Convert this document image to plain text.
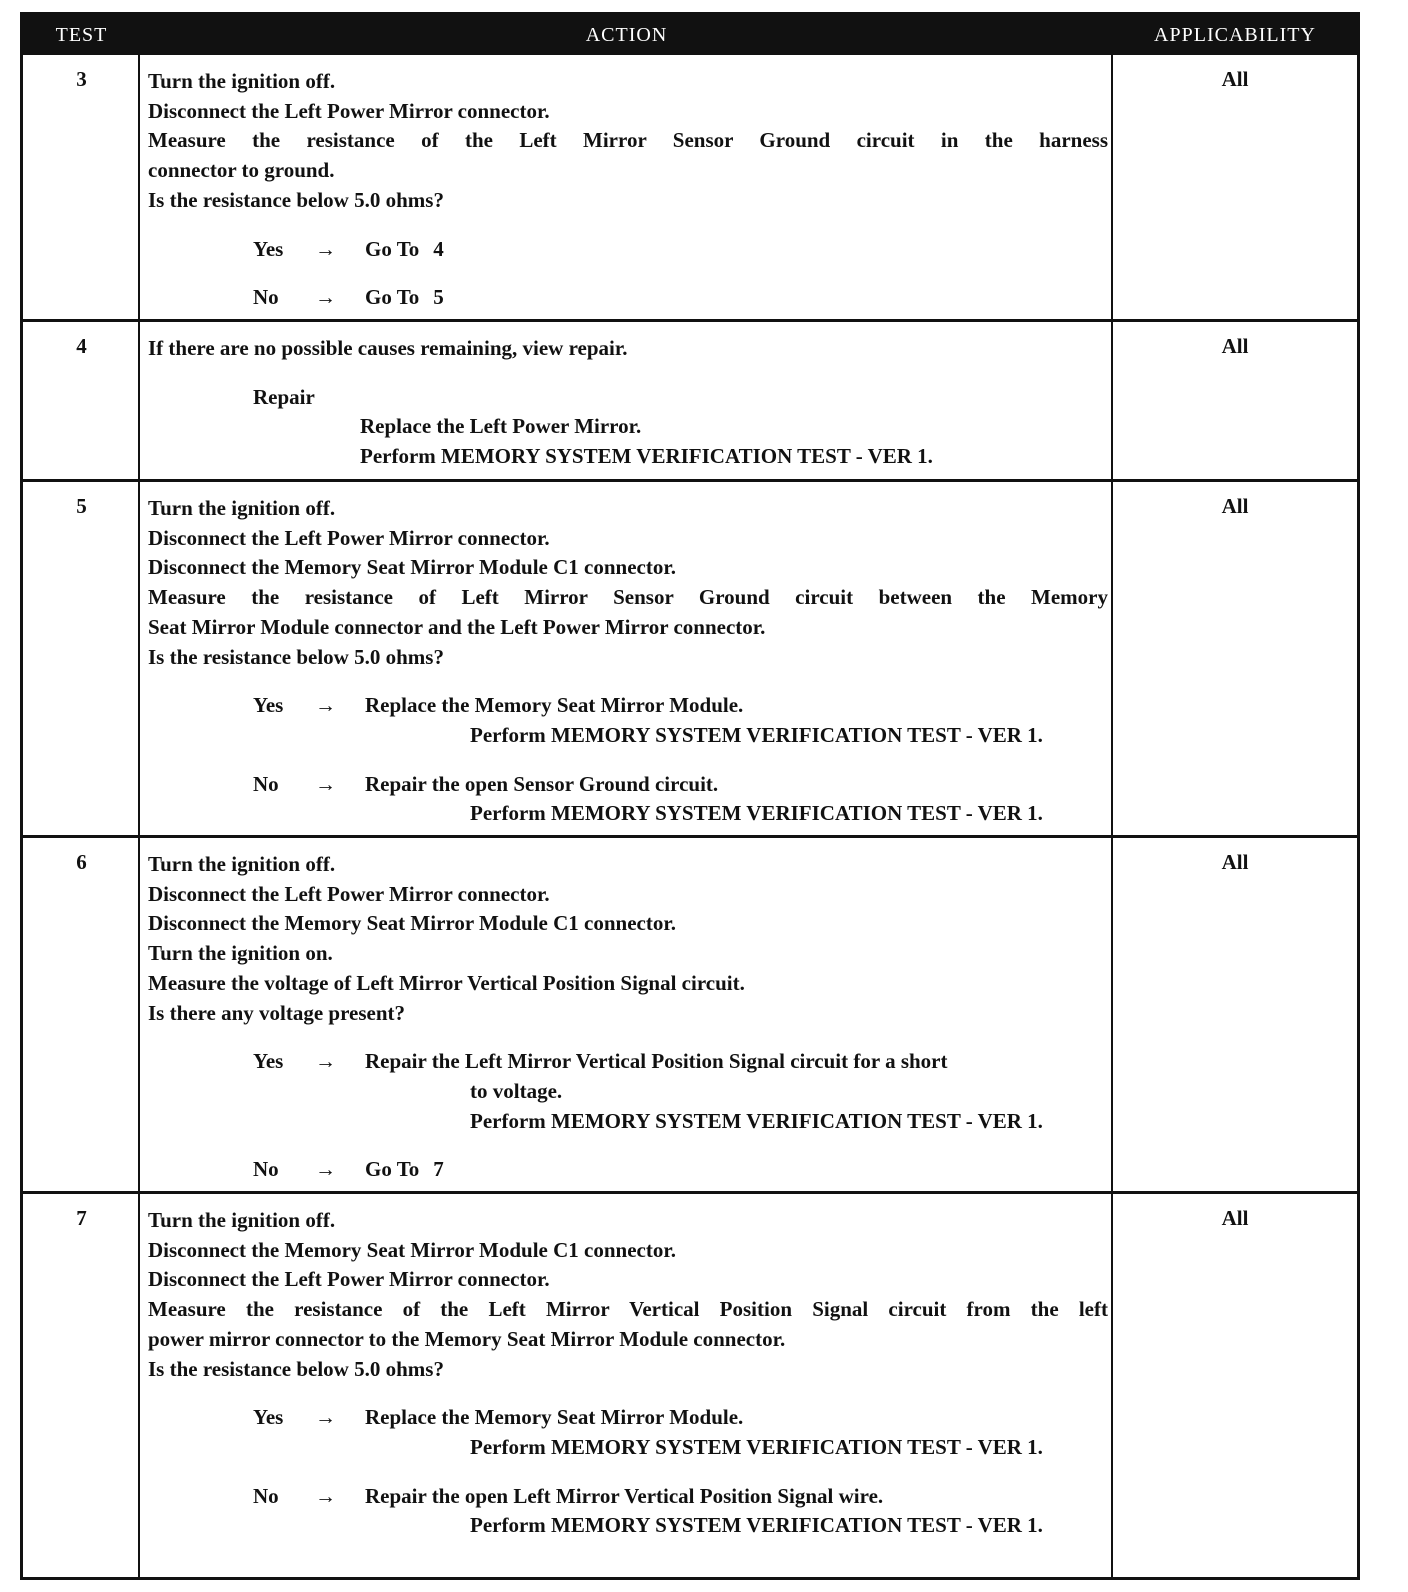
TEST	ACTION	APPLICABILITY
3	Turn the ignition off.
Disconnect the Left Power Mirror connector.
Measure the resistance of the Left Mirror Sensor Ground circuit in the harness
connector to ground.
Is the resistance below 5.0 ohms?
Yes → Go To 4
No → Go To 5
All
4	If there are no possible causes remaining, view repair.
Repair
Replace the Left Power Mirror.
Perform MEMORY SYSTEM VERIFICATION TEST - VER 1.
All
5	Turn the ignition off.
Disconnect the Left Power Mirror connector.
Disconnect the Memory Seat Mirror Module C1 connector.
Measure the resistance of Left Mirror Sensor Ground circuit between the Memory
Seat Mirror Module connector and the Left Power Mirror connector.
Is the resistance below 5.0 ohms?
Yes → Replace the Memory Seat Mirror Module.
Perform MEMORY SYSTEM VERIFICATION TEST - VER 1.
No → Repair the open Sensor Ground circuit.
Perform MEMORY SYSTEM VERIFICATION TEST - VER 1.
All
6	Turn the ignition off.
Disconnect the Left Power Mirror connector.
Disconnect the Memory Seat Mirror Module C1 connector.
Turn the ignition on.
Measure the voltage of Left Mirror Vertical Position Signal circuit.
Is there any voltage present?
Yes → Repair the Left Mirror Vertical Position Signal circuit for a short
to voltage.
Perform MEMORY SYSTEM VERIFICATION TEST - VER 1.
No → Go To 7
All
7	Turn the ignition off.
Disconnect the Memory Seat Mirror Module C1 connector.
Disconnect the Left Power Mirror connector.
Measure the resistance of the Left Mirror Vertical Position Signal circuit from the left
power mirror connector to the Memory Seat Mirror Module connector.
Is the resistance below 5.0 ohms?
Yes → Replace the Memory Seat Mirror Module.
Perform MEMORY SYSTEM VERIFICATION TEST - VER 1.
No → Repair the open Left Mirror Vertical Position Signal wire.
Perform MEMORY SYSTEM VERIFICATION TEST - VER 1.
All
